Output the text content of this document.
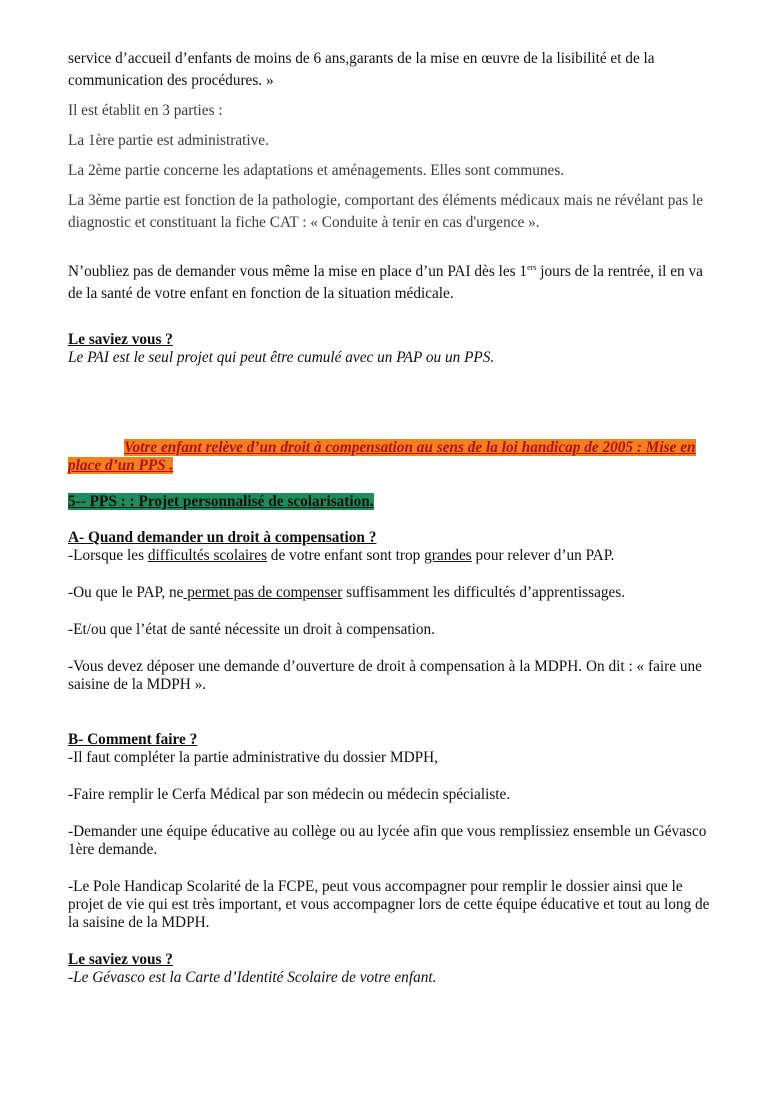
service d’accueil d’enfants de moins de 6 ans,garants de la mise en œuvre de la lisibilité et de la communication des procédures. »

Il est établit en 3 parties :

La 1ère partie est administrative.

La 2ème partie concerne les adaptations et aménagements. Elles sont communes.

La 3ème partie est fonction de la pathologie, comportant des éléments médicaux mais ne révélant pas le diagnostic et constituant la fiche CAT : « Conduite à tenir en cas d'urgence ».

N’oubliez pas de demander vous même la mise en place d’un PAI dès les 1ers jours de la rentrée, il en va de la santé de votre enfant en fonction de la situation médicale.

Le saviez vous ?

Le PAI est le seul projet qui peut être cumulé avec un PAP ou un PPS.

Votre enfant relève d’un droit à compensation au sens de la loi handicap de 2005 : Mise en place d’un PPS .

5-- PPS : : Projet personnalisé de scolarisation.

A- Quand demander un droit à compensation ?

-Lorsque les difficultés scolaires de votre enfant sont trop grandes pour relever d’un PAP.

-Ou que le PAP, ne permet pas de compenser suffisamment les difficultés d’apprentissages.

-Et/ou que l’état de santé nécessite un droit à compensation.

-Vous devez déposer une demande d’ouverture de droit à compensation à la MDPH. On dit : « faire une saisine de la MDPH ».

B- Comment faire ?

-Il faut compléter la partie administrative du dossier MDPH,

-Faire remplir le Cerfa Médical par son médecin ou médecin spécialiste.

-Demander une équipe éducative au collège ou au lycée afin que vous remplissiez ensemble un Gévasco 1ère demande.

-Le Pole Handicap Scolarité de la FCPE, peut vous accompagner pour remplir le dossier ainsi que le projet de vie qui est très important, et vous accompagner lors de cette équipe éducative et tout au long de la saisine de la MDPH.

Le saviez vous ?

-Le Gévasco est la Carte d’Identité Scolaire de votre enfant.
